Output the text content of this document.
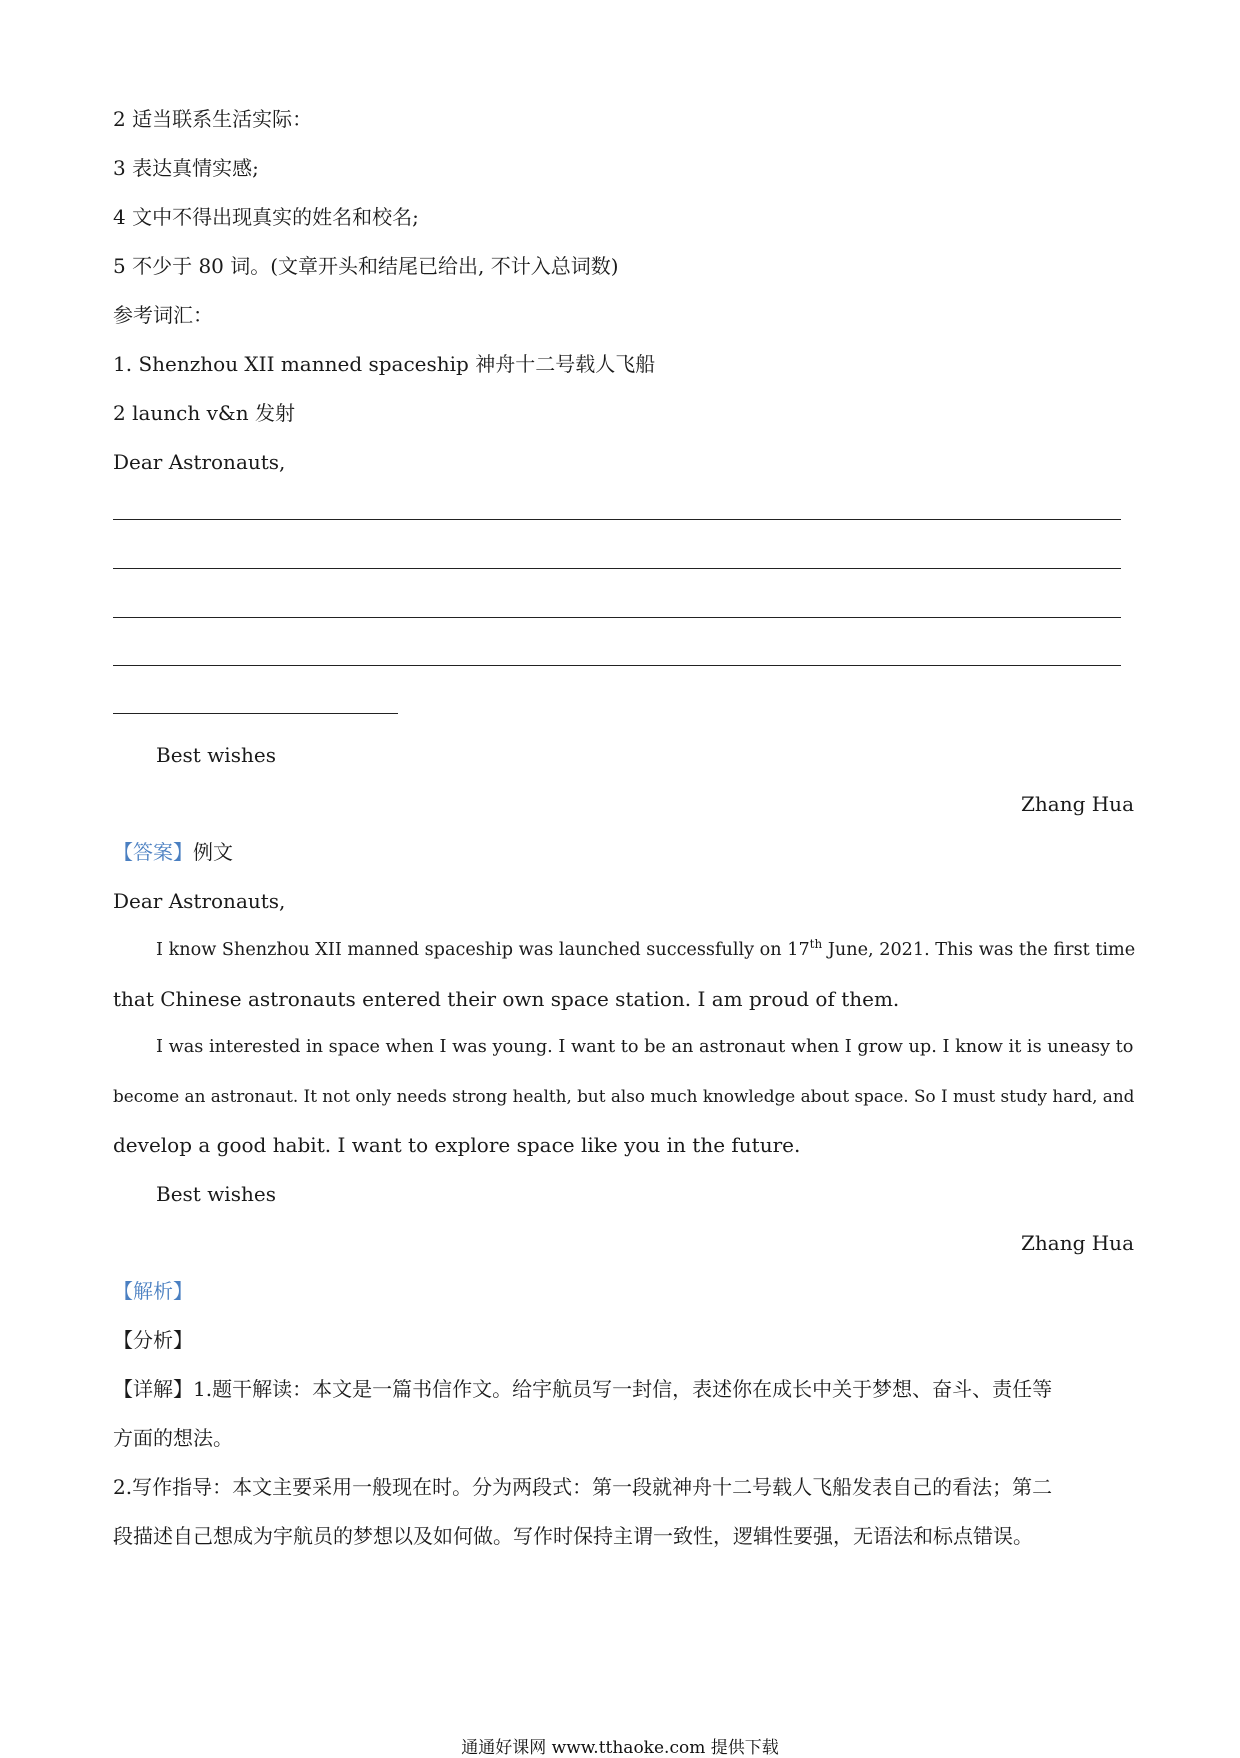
2 适当联系生活实际：
3 表达真情实感;
4 文中不得出现真实的姓名和校名;
5 不少于 80 词。(文章开头和结尾已给出, 不计入总词数)
参考词汇：
1. Shenzhou XII manned spaceship 神舟十二号载人飞船
2 launch v&n 发射
Dear Astronauts,
Best wishes
Zhang Hua
【答案】例文
Dear Astronauts,
I know Shenzhou XII manned spaceship was launched successfully on 17th June, 2021. This was the first time
that Chinese astronauts entered their own space station. I am proud of them.
I was interested in space when I was young. I want to be an astronaut when I grow up. I know it is uneasy to
become an astronaut. It not only needs strong health, but also much knowledge about space. So I must study hard, and
develop a good habit. I want to explore space like you in the future.
Best wishes
Zhang Hua
【解析】
【分析】
【详解】1.题干解读：本文是一篇书信作文。给宇航员写一封信，表述你在成长中关于梦想、奋斗、责任等
方面的想法。
2.写作指导：本文主要采用一般现在时。分为两段式：第一段就神舟十二号载人飞船发表自己的看法；第二
段描述自己想成为宇航员的梦想以及如何做。写作时保持主谓一致性，逻辑性要强，无语法和标点错误。
通通好课网 www.tthaoke.com 提供下载
